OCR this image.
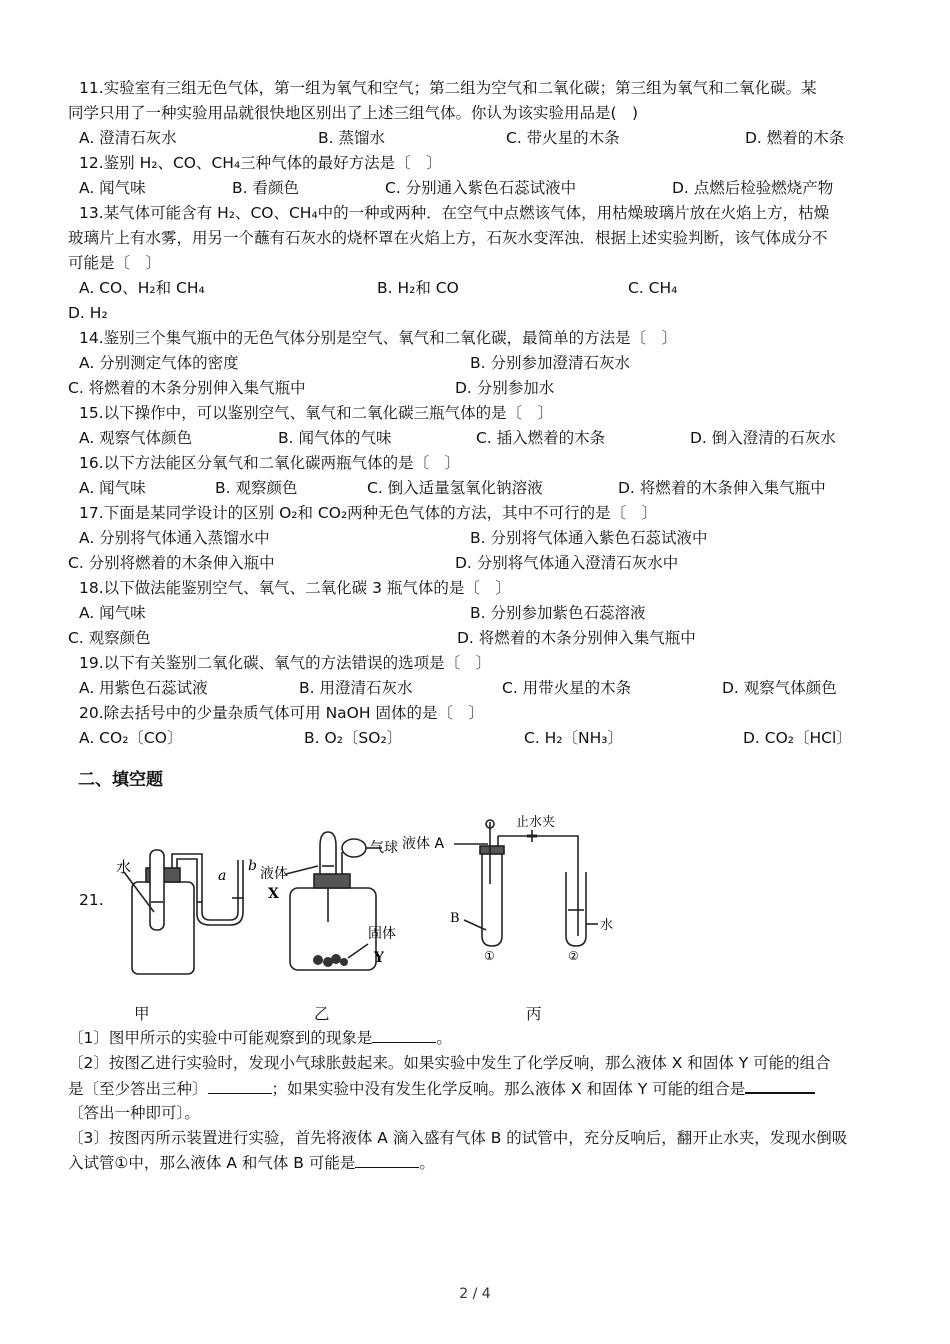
11.实验室有三组无色气体，第一组为氧气和空气；第二组为空气和二氧化碳；第三组为氧气和二氧化碳。某
同学只用了一种实验用品就很快地区别出了上述三组气体。你认为该实验用品是(　)
A. 澄清石灰水	B. 蒸馏水	C. 带火星的木条	D. 燃着的木条
12.鉴别 H₂、CO、CH₄三种气体的最好方法是〔　〕
A. 闻气味	B. 看颜色	C. 分别通入紫色石蕊试液中	D. 点燃后检验燃烧产物
13.某气体可能含有 H₂、CO、CH₄中的一种或两种．在空气中点燃该气体，用枯燥玻璃片放在火焰上方，枯燥
玻璃片上有水雾，用另一个蘸有石灰水的烧杯罩在火焰上方，石灰水变浑浊．根据上述实验判断，该气体成分不
可能是〔　〕
A. CO、H₂和 CH₄	B. H₂和 CO	C. CH₄
D. H₂
14.鉴别三个集气瓶中的无色气体分别是空气、氧气和二氧化碳，最简单的方法是〔　〕
A. 分别测定气体的密度	B. 分别参加澄清石灰水
C. 将燃着的木条分别伸入集气瓶中	D. 分别参加水
15.以下操作中，可以鉴别空气、氧气和二氧化碳三瓶气体的是〔　〕
A. 观察气体颜色	B. 闻气体的气味	C. 插入燃着的木条	D. 倒入澄清的石灰水
16.以下方法能区分氧气和二氧化碳两瓶气体的是〔　〕
A. 闻气味	B. 观察颜色	C. 倒入适量氢氧化钠溶液	D. 将燃着的木条伸入集气瓶中
17.下面是某同学设计的区别 O₂和 CO₂两种无色气体的方法，其中不可行的是〔　〕
A. 分别将气体通入蒸馏水中	B. 分别将气体通入紫色石蕊试液中
C. 分别将燃着的木条伸入瓶中	D. 分别将气体通入澄清石灰水中
18.以下做法能鉴别空气、氧气、二氧化碳 3 瓶气体的是〔　〕
A. 闻气味	B. 分别参加紫色石蕊溶液
C. 观察颜色	D. 将燃着的木条分别伸入集气瓶中
19.以下有关鉴别二氧化碳、氧气的方法错误的选项是〔　〕
A. 用紫色石蕊试液	B. 用澄清石灰水	C. 用带火星的木条	D. 观察气体颜色
20.除去括号中的少量杂质气体可用 NaOH 固体的是〔　〕
A. CO₂〔CO〕	B. O₂〔SO₂〕	C. H₂〔NH₃〕	D. CO₂〔HCl〕
二、填空题
21.
水	a
b 液体
X
气球
固体
Y
液体 A
止水夹
B
①	②
水
甲	乙	丙
〔1〕图甲所示的实验中可能观察到的现象是	。
〔2〕按图乙进行实验时，发现小气球胀鼓起来。如果实验中发生了化学反响，那么液体 X 和固体 Y 可能的组合
是〔至少答出三种〕	；如果实验中没有发生化学反响。那么液体 X 和固体 Y 可能的组合是
〔答出一种即可〕。
〔3〕按图丙所示装置进行实验，首先将液体 A 滴入盛有气体 B 的试管中，充分反响后，翻开止水夹，发现水倒吸
入试管①中，那么液体 A 和气体 B 可能是	。
2 / 4
